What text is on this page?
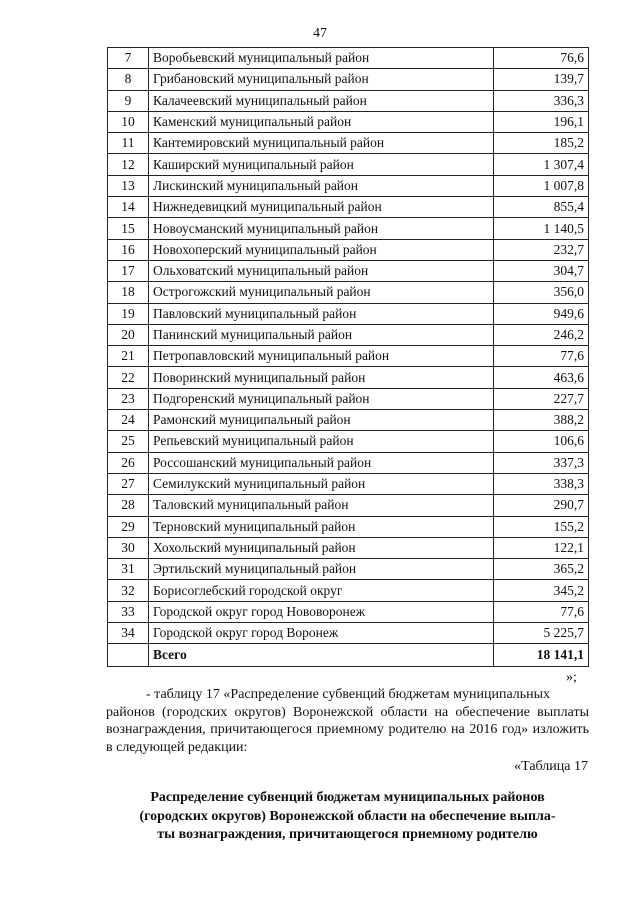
47
7	Воробьевский муниципальный район	76,6
8	Грибановский муниципальный район	139,7
9	Калачеевский муниципальный район	336,3
10	Каменский муниципальный район	196,1
11	Кантемировский муниципальный район	185,2
12	Каширский муниципальный район	1 307,4
13	Лискинский муниципальный район	1 007,8
14	Нижнедевицкий муниципальный район	855,4
15	Новоусманский муниципальный район	1 140,5
16	Новохоперский муниципальный район	232,7
17	Ольховатский муниципальный район	304,7
18	Острогожский муниципальный район	356,0
19	Павловский муниципальный район	949,6
20	Панинский муниципальный район	246,2
21	Петропавловский муниципальный район	77,6
22	Поворинский муниципальный район	463,6
23	Подгоренский муниципальный район	227,7
24	Рамонский муниципальный район	388,2
25	Репьевский муниципальный район	106,6
26	Россошанский муниципальный район	337,3
27	Семилукский муниципальный район	338,3
28	Таловский муниципальный район	290,7
29	Терновский муниципальный район	155,2
30	Хохольский муниципальный район	122,1
31	Эртильский муниципальный район	365,2
32	Борисоглебский городской округ	345,2
33	Городской округ город Нововоронеж	77,6
34	Городской округ город Воронеж	5 225,7
	Всего	18 141,1
»;
- таблицу 17 «Распределение субвенций бюджетам муниципальных
районов (городских округов) Воронежской области на обеспечение выплаты вознаграждения, причитающегося приемному родителю на 2016 год» изложить в следующей редакции:
«Таблица 17
Распределение субвенций бюджетам муниципальных районов
(городских округов) Воронежской области на обеспечение выпла-
ты вознаграждения, причитающегося приемному родителю
